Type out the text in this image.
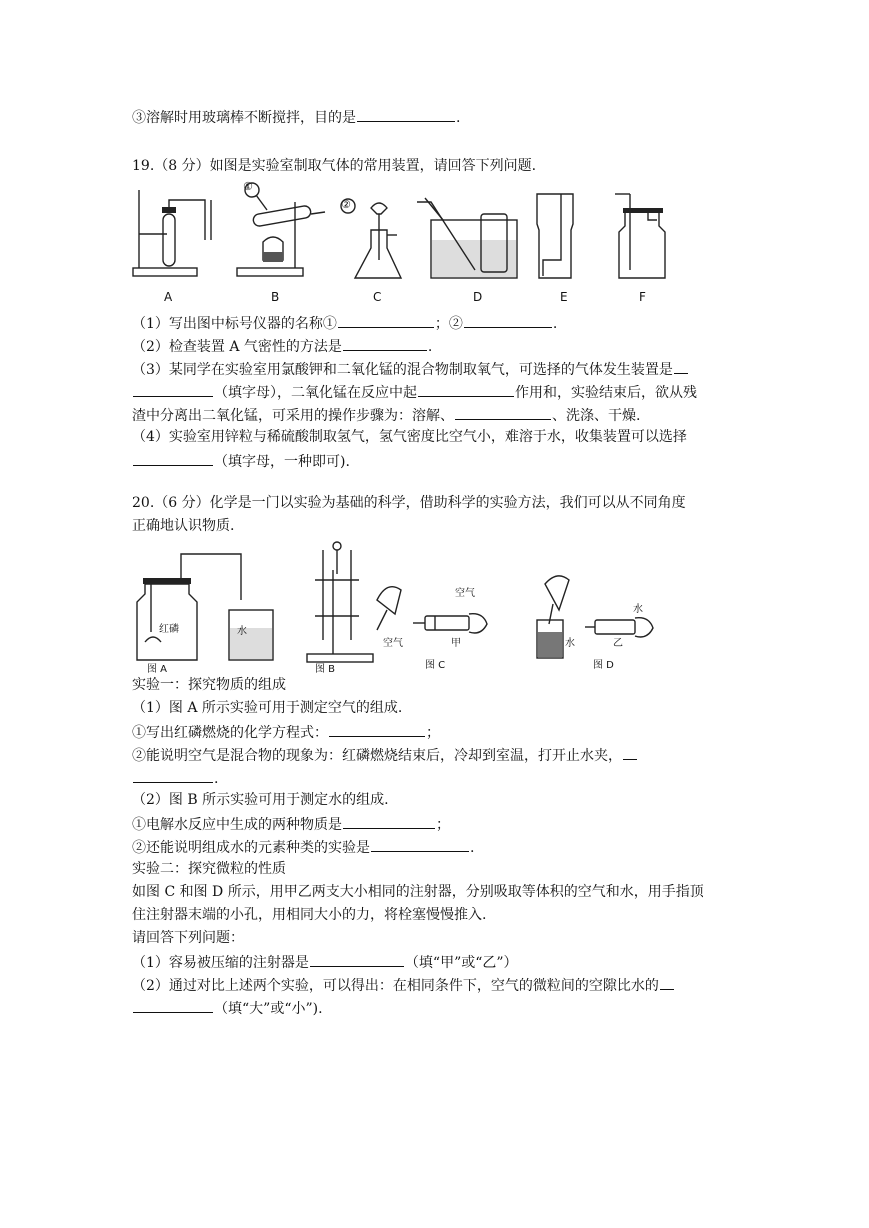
③溶解时用玻璃棒不断搅拌，目的是	.
19.（8 分）如图是实验室制取气体的常用装置，请回答下列问题.
①
②
A	B	C	D	E	F
（1）写出图中标号仪器的名称①	；②	.
（2）检查装置 A 气密性的方法是	.
（3）某同学在实验室用氯酸钾和二氧化锰的混合物制取氧气，可选择的气体发生装置是
（填字母），二氧化锰在反应中起	作用和，实验结束后，欲从残
渣中分离出二氧化锰，可采用的操作步骤为：溶解、	、洗涤、干燥.
（4）实验室用锌粒与稀硫酸制取氢气，氢气密度比空气小，难溶于水，收集装置可以选择
（填字母，一种即可).
20.（6 分）化学是一门以实验为基础的科学，借助科学的实验方法，我们可以从不同角度
正确地认识物质.
图 A	图 B	图 C	图 D
红磷	水
空气
空气	甲
水
水	乙
实验一：探究物质的组成
（1）图 A 所示实验可用于测定空气的组成.
①写出红磷燃烧的化学方程式：	；
②能说明空气是混合物的现象为：红磷燃烧结束后，冷却到室温，打开止水夹，
.
（2）图 B 所示实验可用于测定水的组成.
①电解水反应中生成的两种物质是	；
②还能说明组成水的元素种类的实验是	.
实验二：探究微粒的性质
如图 C 和图 D 所示，用甲乙两支大小相同的注射器，分别吸取等体积的空气和水，用手指顶
住注射器末端的小孔，用相同大小的力，将栓塞慢慢推入.
请回答下列问题：
（1）容易被压缩的注射器是	（填“甲”或“乙”）
（2）通过对比上述两个实验，可以得出：在相同条件下，空气的微粒间的空隙比水的
（填“大”或“小”).
